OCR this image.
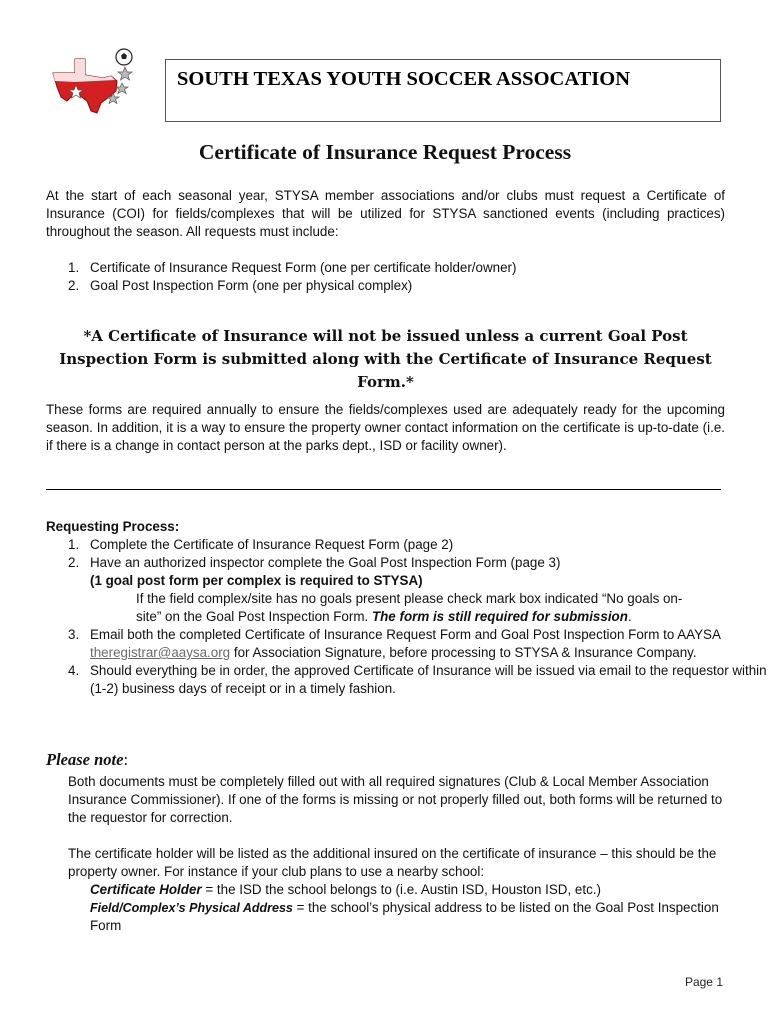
SOUTH TEXAS YOUTH SOCCER ASSOCATION
Certificate of Insurance Request Process
At the start of each seasonal year, STYSA member associations and/or clubs must request a Certificate of Insurance (COI) for fields/complexes that will be utilized for STYSA sanctioned events (including practices) throughout the season. All requests must include:
1. Certificate of Insurance Request Form (one per certificate holder/owner)
2. Goal Post Inspection Form (one per physical complex)
*A Certificate of Insurance will not be issued unless a current Goal Post Inspection Form is submitted along with the Certificate of Insurance Request Form.*
These forms are required annually to ensure the fields/complexes used are adequately ready for the upcoming season. In addition, it is a way to ensure the property owner contact information on the certificate is up-to-date (i.e. if there is a change in contact person at the parks dept., ISD or facility owner).
Requesting Process:
1. Complete the Certificate of Insurance Request Form (page 2)
2. Have an authorized inspector complete the Goal Post Inspection Form (page 3)
(1 goal post form per complex is required to STYSA)
If the field complex/site has no goals present please check mark box indicated “No goals on-site” on the Goal Post Inspection Form. The form is still required for submission.
3. Email both the completed Certificate of Insurance Request Form and Goal Post Inspection Form to AAYSA theregistrar@aaysa.org for Association Signature, before processing to STYSA & Insurance Company.
4. Should everything be in order, the approved Certificate of Insurance will be issued via email to the requestor within (1-2) business days of receipt or in a timely fashion.
Please note:
Both documents must be completely filled out with all required signatures (Club & Local Member Association Insurance Commissioner). If one of the forms is missing or not properly filled out, both forms will be returned to the requestor for correction.
The certificate holder will be listed as the additional insured on the certificate of insurance – this should be the property owner. For instance if your club plans to use a nearby school:
Certificate Holder = the ISD the school belongs to (i.e. Austin ISD, Houston ISD, etc.)
Field/Complex’s Physical Address = the school’s physical address to be listed on the Goal Post Inspection Form
Page 1
